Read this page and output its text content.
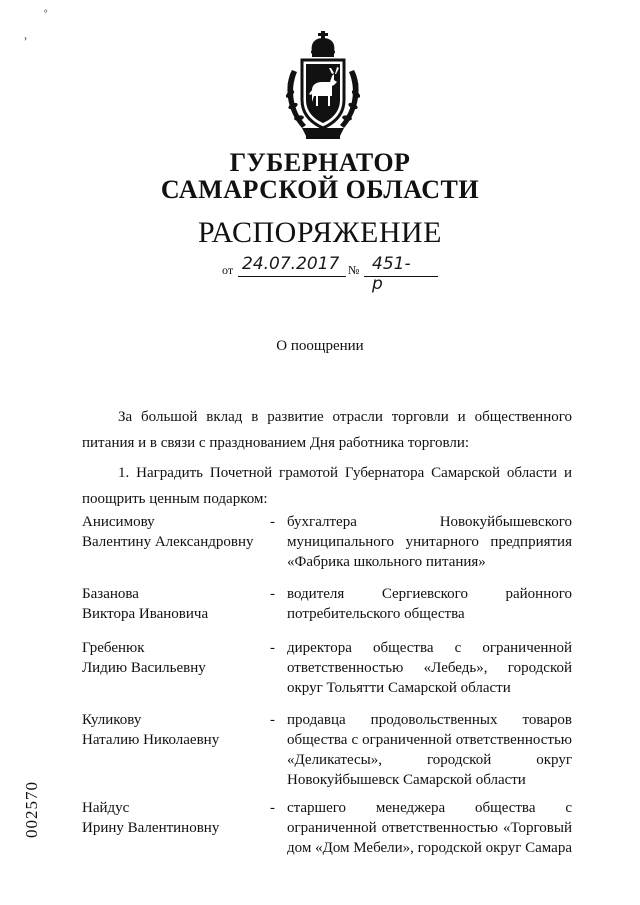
°
›
ГУБЕРНАТОР
САМАРСКОЙ ОБЛАСТИ
РАСПОРЯЖЕНИЕ
от 24.07.2017 № 451-р
О поощрении
За большой вклад в развитие отрасли торговли и общественного питания и в связи с празднованием Дня работника торговли:
1. Наградить Почетной грамотой Губернатора Самарской области и поощрить ценным подарком:
Анисимову
Валентину Александровну
- бухгалтера Новокуйбышевского муниципального унитарного предприятия «Фабрика школьного питания»
Базанова
Виктора Ивановича
- водителя Сергиевского районного потребительского общества
Гребенюк
Лидию Васильевну
- директора общества с ограниченной ответственностью «Лебедь», городской округ Тольятти Самарской области
Куликову
Наталию Николаевну
- продавца продовольственных товаров общества с ограниченной ответственностью «Деликатесы», городской округ Новокуйбышевск Самарской области
Найдус
Ирину Валентиновну
- старшего менеджера общества с ограниченной ответственностью «Торговый дом «Дом Мебели», городской округ Самара
002570
